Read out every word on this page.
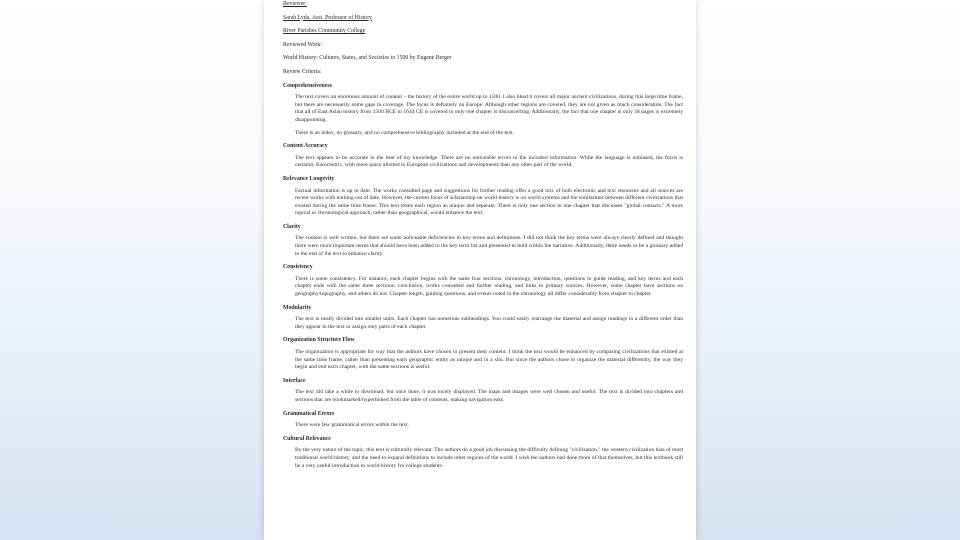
Reviewer:
Sarah Lyda, Asst. Professor of History
River Parishes Community College
Reviewed Work:
World History: Cultures, States, and Societies to 1500 by Eugene Berger
Review Criteria:
Comprehensiveness

The text covers an enormous amount of content – the history of the entire world up to 1500. I also liked it covers all major ancient civilizations, during this large time frame, but there are necessarily some gaps in coverage. The focus is definitely on Europe. Although other regions are covered, they are not given as much consideration. The fact that all of East Asian history from 1500 BCE to 1644 CE is covered in only one chapter is disconcerting. Additionally, the fact that one chapter is only 58 pages is extremely disappointing.

There is an index, no glossary, and no comprehensive bibliography included at the end of the text.

Content Accuracy

The text appears to be accurate in the best of my knowledge. There are no noticeable errors in the included information. While the language is unbiased, the focus is certainly Eurocentric, with more space allotted to European civilizations and developments than any other part of the world.

Relevance Longevity

Factual information is up to date. The works consulted page and suggestions for further reading offer a good mix of both electronic and text resources and all sources are recent works with nothing out of date. However, the current focus of scholarship on world history is on world systems and the similarities between different civilizations that existed during the same time frame. This text treats each region as unique and separate. There is only one section in one chapter that discusses "global contacts." A more topical or chronological approach, rather than geographical, would enhance the text.

Clarity

The content is well written, but there are some noticeable deficiencies in key terms and definitions. I did not think the key terms were always clearly defined and thought there were more important terms that should have been added to the key term list and presented in bold within the narrative. Additionally, there needs to be a glossary added to the end of the text to enhance clarity.

Consistency

There is some consistency. For instance, each chapter begins with the same four sections: chronology, introduction, questions to guide reading, and key terms and each chapter ends with the same three sections: conclusion, works consulted and further reading, and links to primary sources. However, some chapter have sections on geography/topography, and others do not. Chapter length, guiding questions, and events noted in the chronology all differ considerably from chapter to chapter.

Modularity

The text is neatly divided into smaller units. Each chapter has numerous subheadings. You could easily rearrange the material and assign readings in a different order than they appear in the text or assign only parts of each chapter.

Organization Structure Flow

The organization is appropriate for way that the authors have chosen to present their content. I think the text would be enhanced by comparing civilizations that existed at the same time frame, rather than presenting each geographic entity as unique and in a silo. But since the authors chose to organize the material differently, the way they begin and end each chapter, with the same sections is useful.

Interface

The text did take a while to download, but once done, it was nicely displayed. The maps and images were well chosen and useful. The text is divided into chapters and sections that are bookmarked/hyperlinked from the table of contents, making navigation easy.

Grammatical Errors

There were few grammatical errors within the text.

Cultural Relevance

By the very nature of the topic, this text is culturally relevant. The authors do a good job discussing the difficulty defining "civilization," the western civilization bias of most traditional world history, and the need to expand definitions to include other regions of the world. I wish the authors had done more of that themselves, but this textbook still be a very useful introduction to world history for college students.
